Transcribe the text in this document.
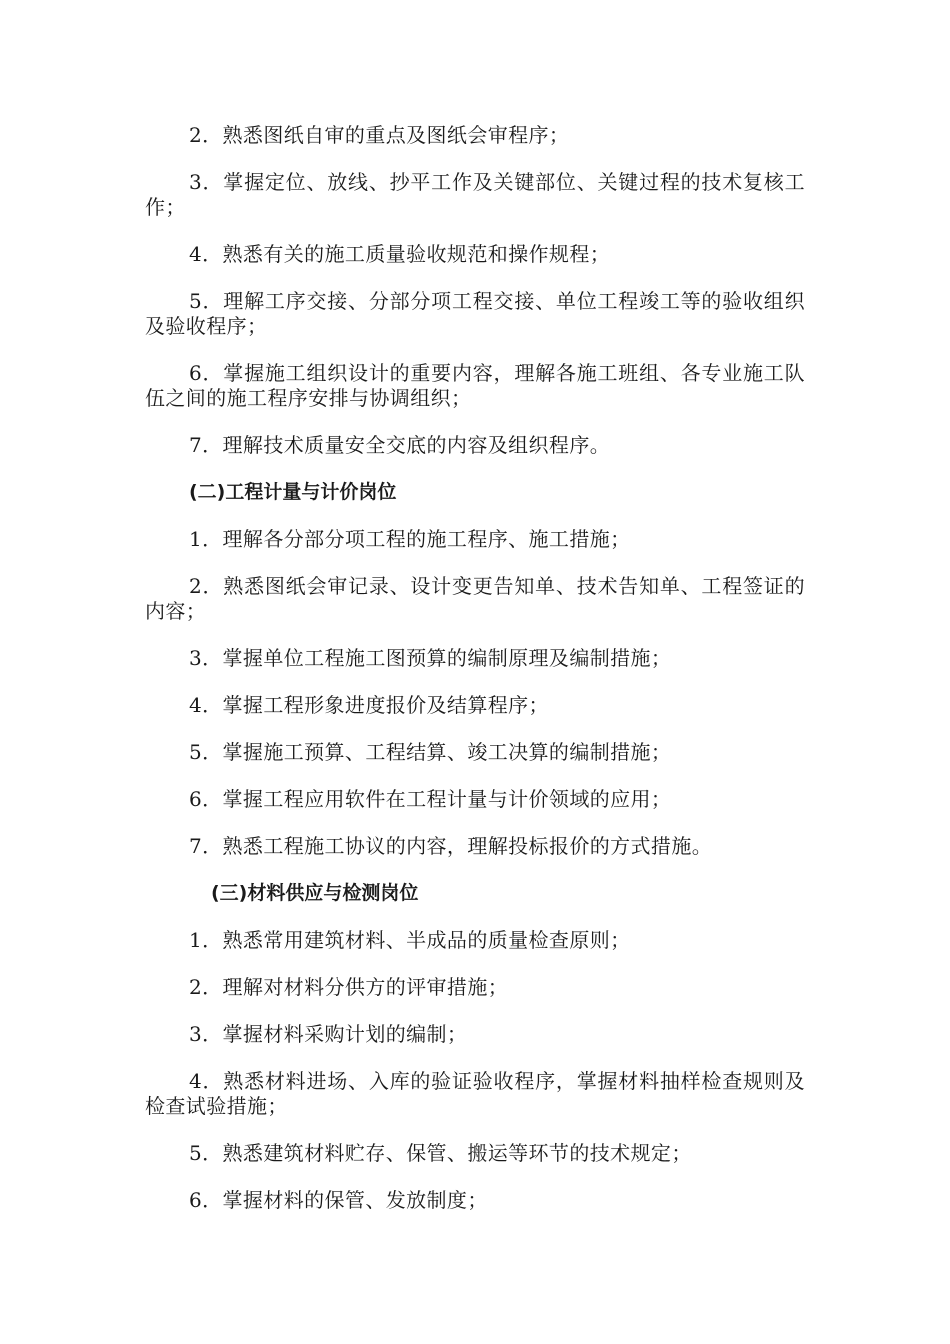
2．熟悉图纸自审的重点及图纸会审程序；

3．掌握定位、放线、抄平工作及关键部位、关键过程的技术复核工作；

4．熟悉有关的施工质量验收规范和操作规程；

5．理解工序交接、分部分项工程交接、单位工程竣工等的验收组织及验收程序；

6．掌握施工组织设计的重要内容，理解各施工班组、各专业施工队伍之间的施工程序安排与协调组织；

7．理解技术质量安全交底的内容及组织程序。

(二)工程计量与计价岗位

1．理解各分部分项工程的施工程序、施工措施；

2．熟悉图纸会审记录、设计变更告知单、技术告知单、工程签证的内容；

3．掌握单位工程施工图预算的编制原理及编制措施；

4．掌握工程形象进度报价及结算程序；

5．掌握施工预算、工程结算、竣工决算的编制措施；

6．掌握工程应用软件在工程计量与计价领域的应用；

7．熟悉工程施工协议的内容，理解投标报价的方式措施。

(三)材料供应与检测岗位

1．熟悉常用建筑材料、半成品的质量检查原则；

2．理解对材料分供方的评审措施；

3．掌握材料采购计划的编制；

4．熟悉材料进场、入库的验证验收程序，掌握材料抽样检查规则及检查试验措施；

5．熟悉建筑材料贮存、保管、搬运等环节的技术规定；

6．掌握材料的保管、发放制度；
